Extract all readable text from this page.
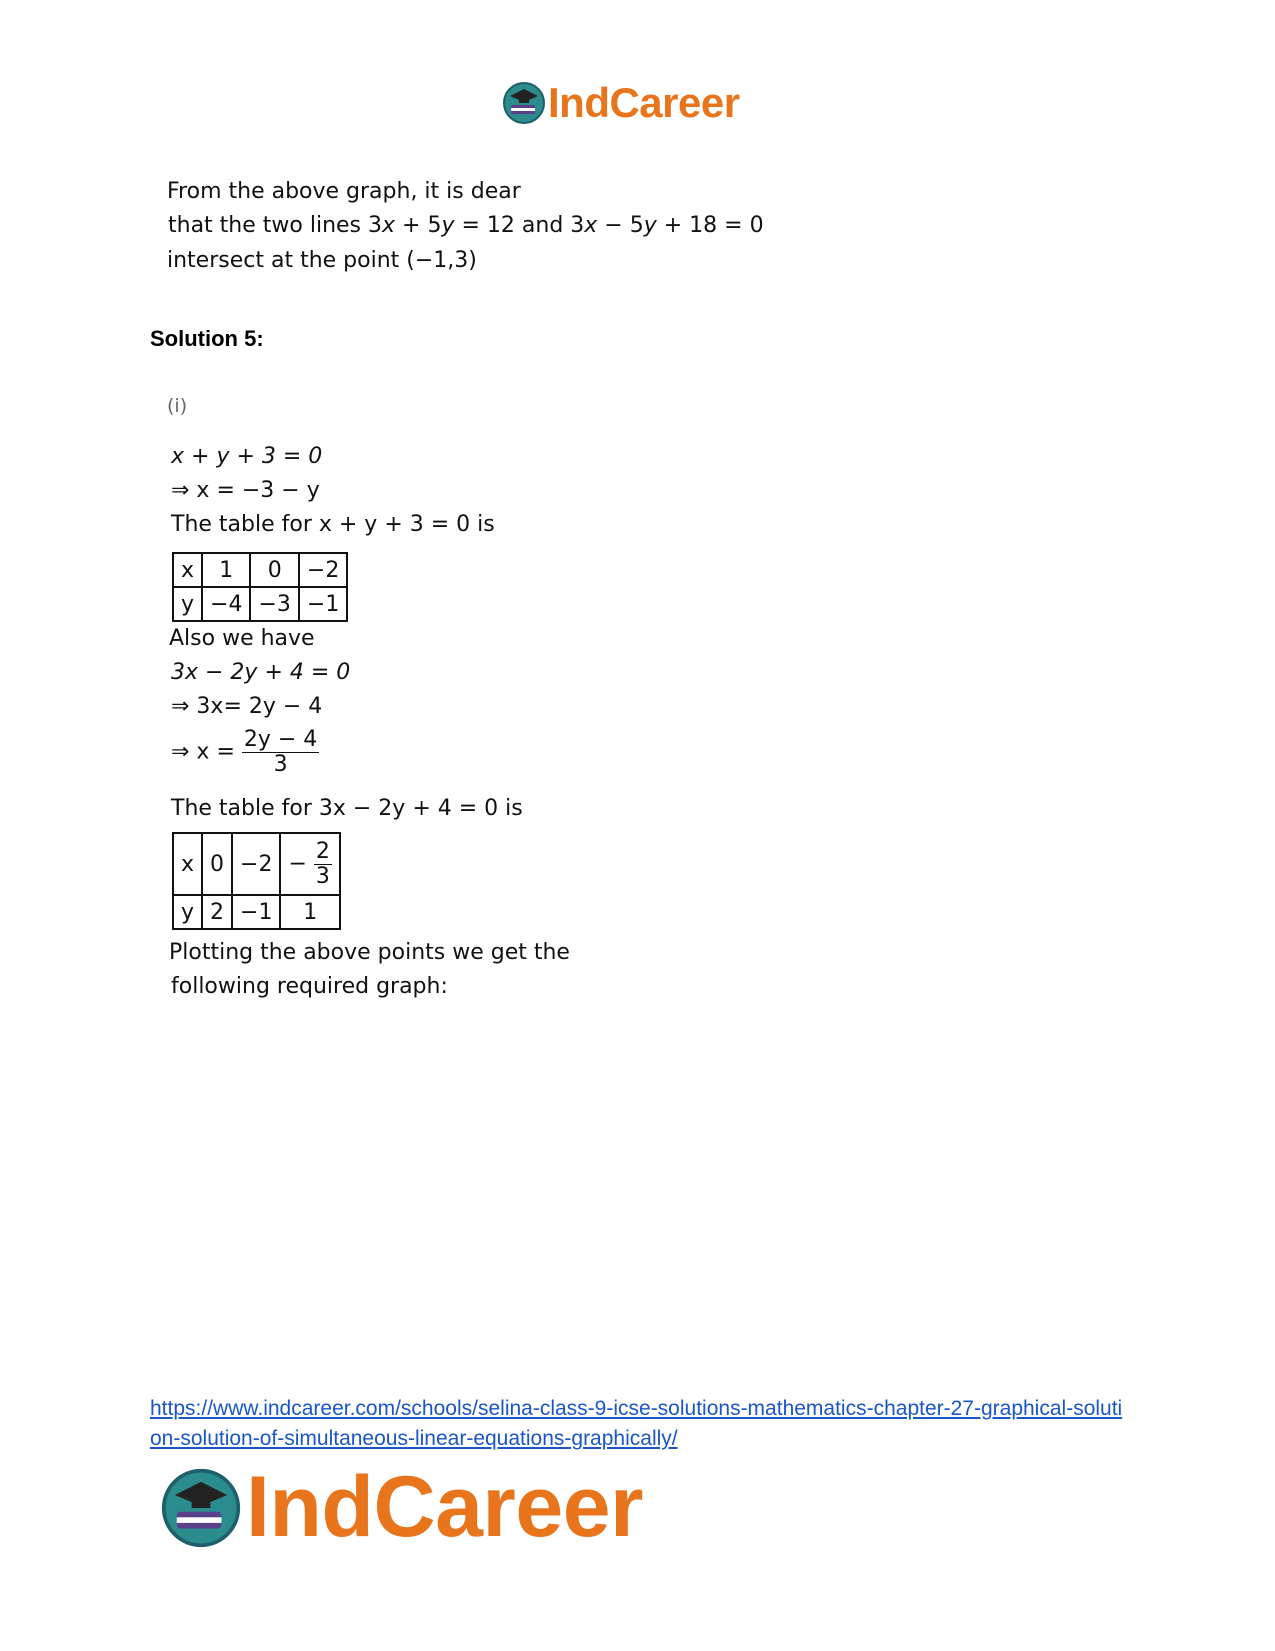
IndCareer
From the above graph, it is dear
that the two lines 3x + 5y = 12 and 3x − 5y + 18 = 0
intersect at the point (−1,3)
Solution 5:
(i)
x + y + 3 = 0
⇒ x = −3 − y
The table for x + y + 3 = 0 is
x	1	0	−2
y	−4	−3	−1
Also we have
3x − 2y + 4 = 0
⇒ 3x= 2y − 4
⇒ $x = \frac{2y - 4}{3}$
The table for 3x − 2y + 4 = 0 is
x	0	−2	− $\frac{2}{3}$

y	2	−1	1
Plotting the above points we get the
following required graph:
https://www.indcareer.com/schools/selina-class-9-icse-solutions-mathematics-chapter-27-graphical-solution-solution-of-simultaneous-linear-equations-graphically/
IndCareer
